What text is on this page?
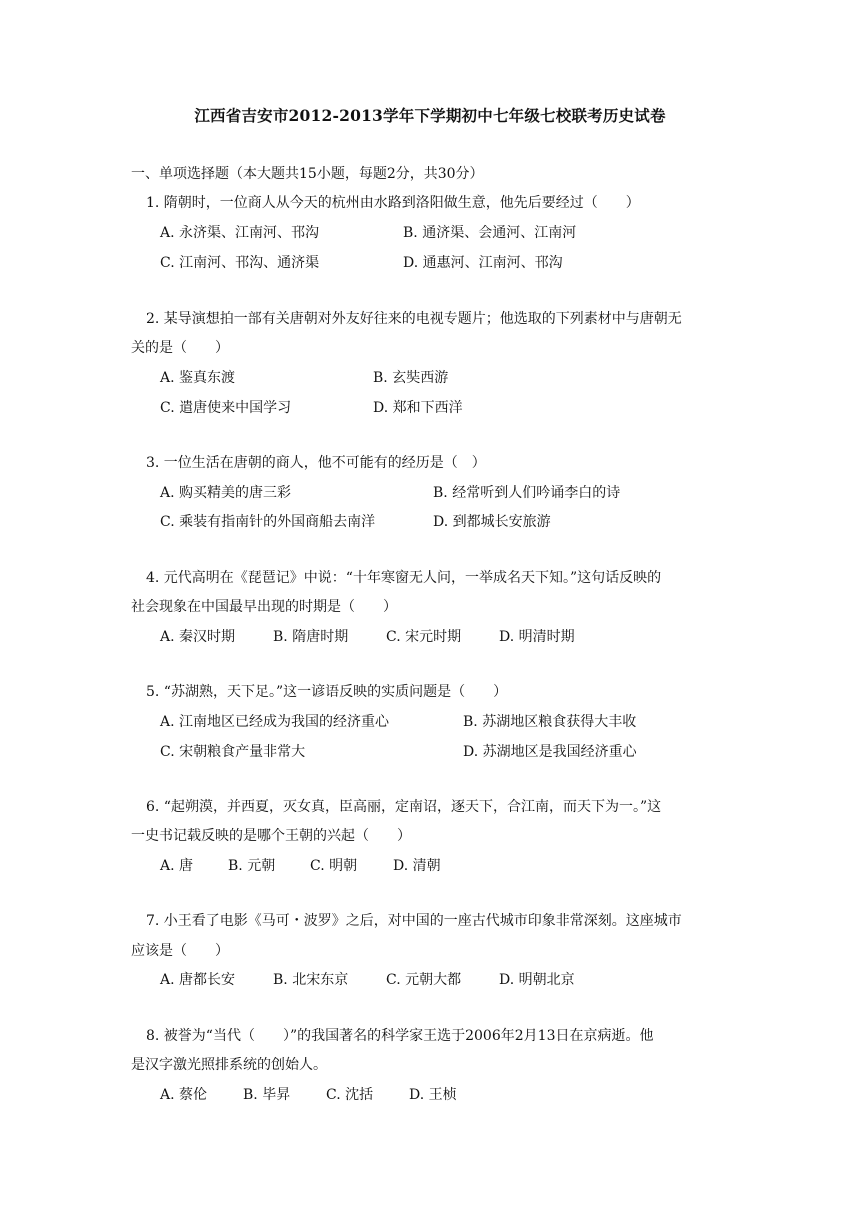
江西省吉安市2012-2013学年下学期初中七年级七校联考历史试卷
一、单项选择题（本大题共15小题，每题2分，共30分）
1. 隋朝时，一位商人从今天的杭州由水路到洛阳做生意，他先后要经过（　　）
A. 永济渠、江南河、邗沟	B. 通济渠、会通河、江南河
C. 江南河、邗沟、通济渠	D. 通惠河、江南河、邗沟
2. 某导演想拍一部有关唐朝对外友好往来的电视专题片；他选取的下列素材中与唐朝无
关的是（　　）
A. 鉴真东渡	B. 玄奘西游
C. 遣唐使来中国学习	D. 郑和下西洋
3. 一位生活在唐朝的商人，他不可能有的经历是（　）
A. 购买精美的唐三彩	B. 经常听到人们吟诵李白的诗
C. 乘装有指南针的外国商船去南洋	D. 到都城长安旅游
4. 元代高明在《琵琶记》中说：“十年寒窗无人问，一举成名天下知。”这句话反映的
社会现象在中国最早出现的时期是（　　）
A. 秦汉时期	B. 隋唐时期	C. 宋元时期	D. 明清时期
5. “苏湖熟，天下足。”这一谚语反映的实质问题是（　　）
A. 江南地区已经成为我国的经济重心	B. 苏湖地区粮食获得大丰收
C. 宋朝粮食产量非常大	D. 苏湖地区是我国经济重心
6. “起朔漠，并西夏，灭女真，臣高丽，定南诏，逐天下，合江南，而天下为一。”这
一史书记载反映的是哪个王朝的兴起（　　）
A. 唐 B. 元朝 C. 明朝	D. 清朝
7. 小王看了电影《马可・波罗》之后，对中国的一座古代城市印象非常深刻。这座城市
应该是（　　）
A. 唐都长安	B. 北宋东京	C. 元朝大都	D. 明朝北京
8. 被誉为“当代（　　）”的我国著名的科学家王选于2006年2月13日在京病逝。他
是汉字激光照排系统的创始人。
A. 蔡伦	B. 毕昇	C. 沈括	D. 王桢
